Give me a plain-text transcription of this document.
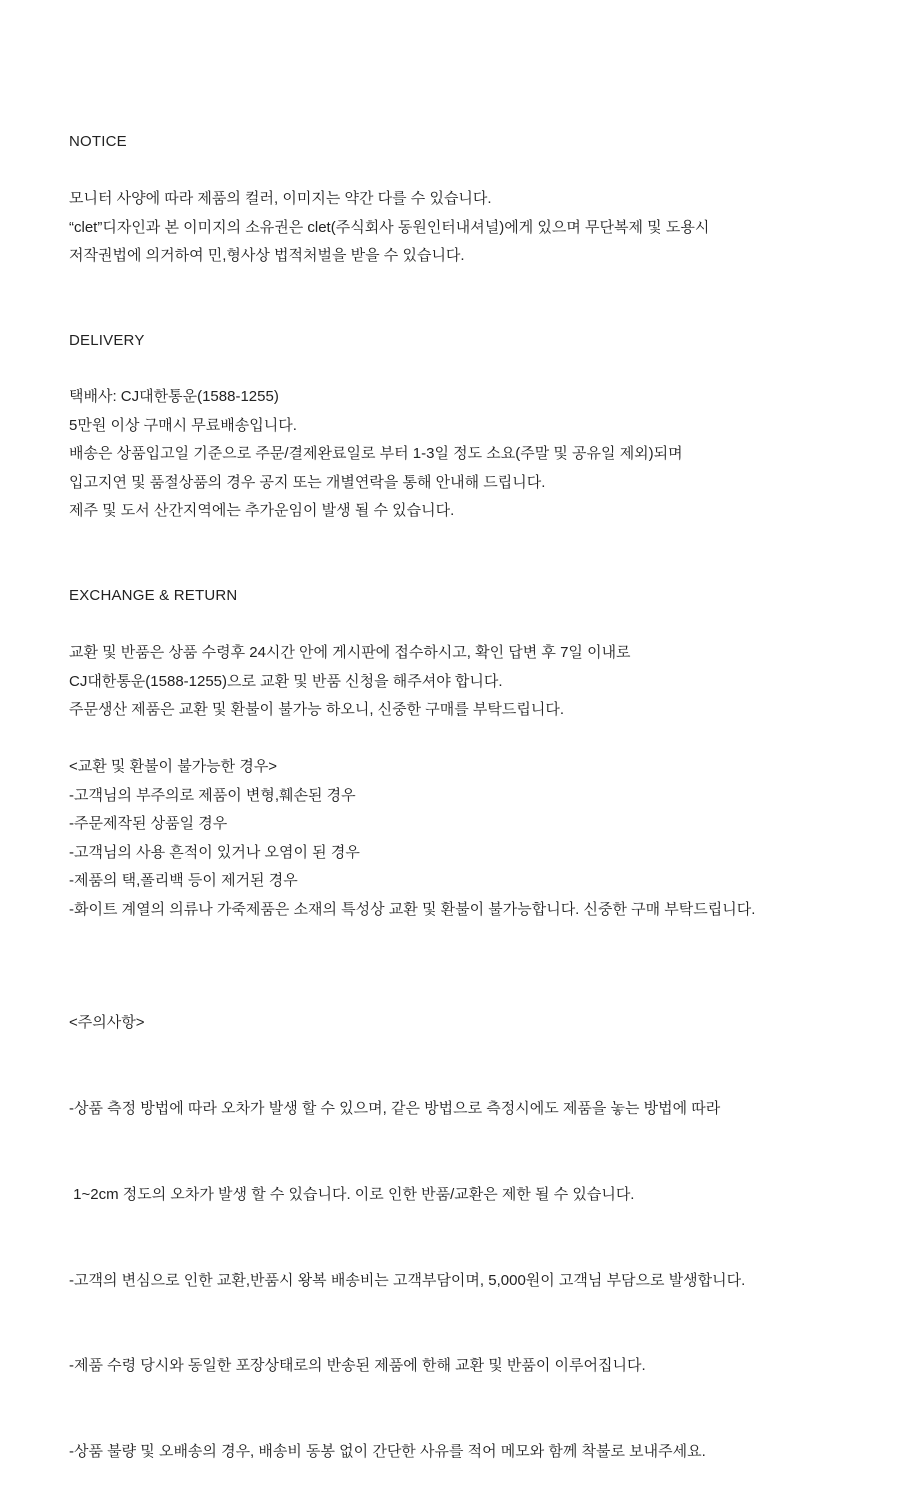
NOTICE
모니터 사양에 따라 제품의 컬러, 이미지는 약간 다를 수 있습니다.
“clet”디자인과 본 이미지의 소유권은 clet(주식회사 동원인터내셔널)에게 있으며 무단복제 및 도용시
저작권법에 의거하여 민,형사상 법적처벌을 받을 수 있습니다.
DELIVERY
택배사: CJ대한통운(1588-1255)
5만원 이상 구매시 무료배송입니다.
배송은 상품입고일 기준으로 주문/결제완료일로 부터 1-3일 정도 소요(주말 및 공유일 제외)되며
입고지연 및 품절상품의 경우 공지 또는 개별연락을 통해 안내해 드립니다.
제주 및 도서 산간지역에는 추가운임이 발생 될 수 있습니다.
EXCHANGE & RETURN
교환 및 반품은 상품 수령후 24시간 안에 게시판에 접수하시고, 확인 답변 후 7일 이내로
CJ대한통운(1588-1255)으로 교환 및 반품 신청을 해주셔야 합니다.
주문생산 제품은 교환 및 환불이 불가능 하오니, 신중한 구매를 부탁드립니다.
<교환 및 환불이 불가능한 경우>
-고객님의 부주의로 제품이 변형,훼손된 경우
-주문제작된 상품일 경우
-고객님의 사용 흔적이 있거나 오염이 된 경우
-제품의 택,폴리백 등이 제거된 경우
-화이트 계열의 의류나 가죽제품은 소재의 특성상 교환 및 환불이 불가능합니다. 신중한 구매 부탁드립니다.

<주의사항>

-상품 측정 방법에 따라 오차가 발생 할 수 있으며, 같은 방법으로 측정시에도 제품을 놓는 방법에 따라

1~2cm 정도의 오차가 발생 할 수 있습니다. 이로 인한 반품/교환은 제한 될 수 있습니다.

-고객의 변심으로 인한 교환,반품시 왕복 배송비는 고객부담이며, 5,000원이 고객님 부담으로 발생합니다.

-제품 수령 당시와 동일한 포장상태로의 반송된 제품에 한해 교환 및 반품이 이루어집니다.

-상품 불량 및 오배송의 경우, 배송비 동봉 없이 간단한 사유를 적어 메모와 함께 착불로 보내주세요.
